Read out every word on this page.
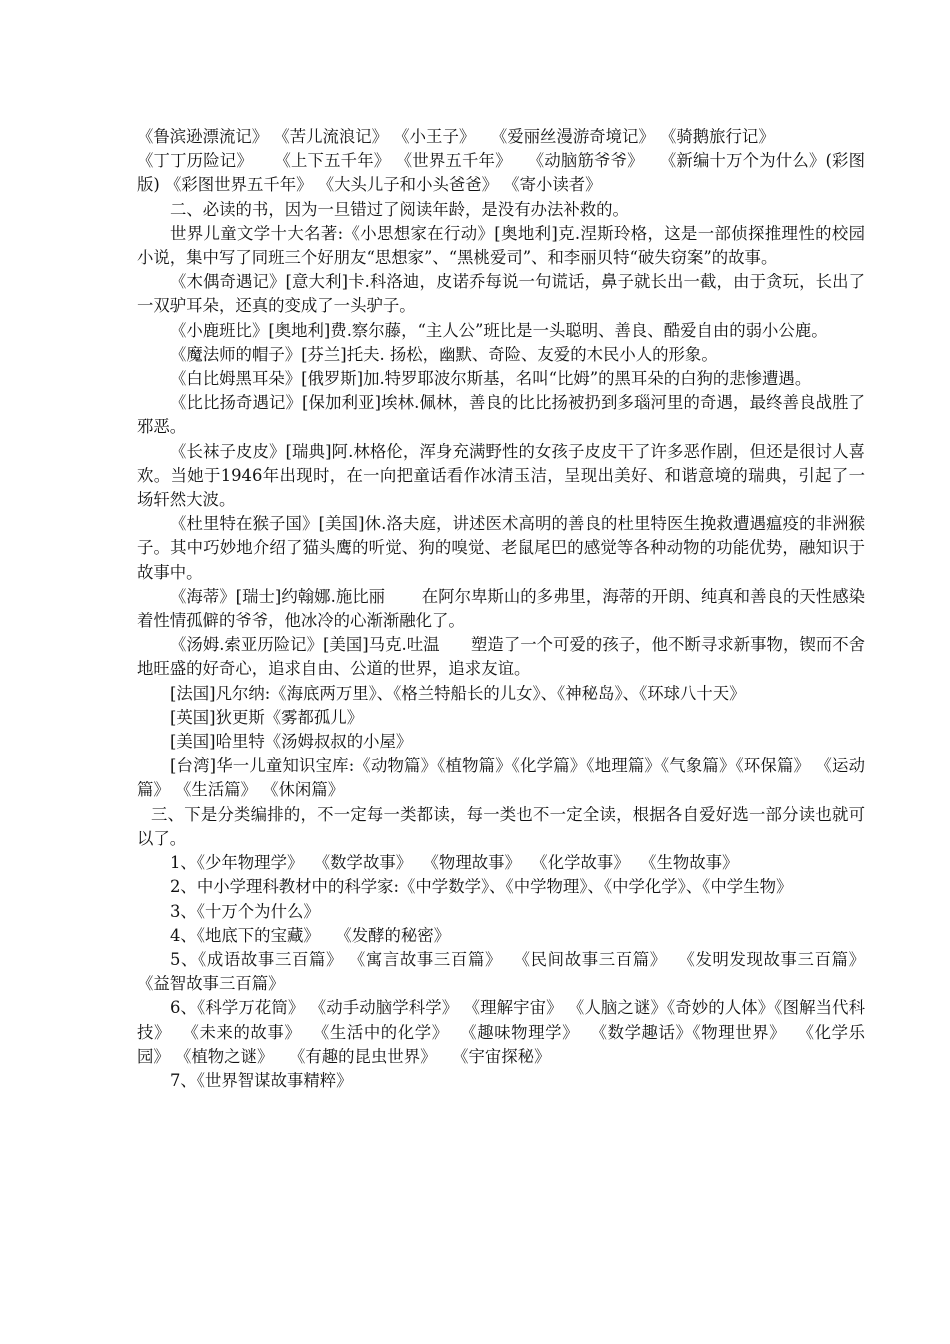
《鲁滨逊漂流记》 《苦儿流浪记》 《小王子》   《爱丽丝漫游奇境记》 《骑鹅旅行记》

《丁丁历险记》    《上下五千年》 《世界五千年》   《动脑筋爷爷》   《新编十万个为什么》(彩图版) 《彩图世界五千年》 《大头儿子和小头爸爸》 《寄小读者》

二、必读的书，因为一旦错过了阅读年龄，是没有办法补救的。

世界儿童文学十大名著:《小思想家在行动》[奥地利]克.涅斯玲格，这是一部侦探推理性的校园小说，集中写了同班三个好朋友“思想家”、“黑桃爱司”、和李丽贝特“破失窃案”的故事。

《木偶奇遇记》[意大利]卡.科洛迪，皮诺乔每说一句谎话，鼻子就长出一截，由于贪玩，长出了一双驴耳朵，还真的变成了一头驴子。

《小鹿班比》[奥地利]费.察尔藤，“主人公”班比是一头聪明、善良、酷爱自由的弱小公鹿。

《魔法师的帽子》[芬兰]托夫. 扬松，幽默、奇险、友爱的木民小人的形象。

《白比姆黑耳朵》[俄罗斯]加.特罗耶波尔斯基，名叫“比姆”的黑耳朵的白狗的悲惨遭遇。

《比比扬奇遇记》[保加利亚]埃林.佩林，善良的比比扬被扔到多瑙河里的奇遇，最终善良战胜了邪恶。

《长袜子皮皮》[瑞典]阿.林格伦，浑身充满野性的女孩子皮皮干了许多恶作剧，但还是很讨人喜欢。当她于1946年出现时，在一向把童话看作冰清玉洁，呈现出美好、和谐意境的瑞典，引起了一场轩然大波。

《杜里特在猴子国》[美国]休.洛夫庭，讲述医术高明的善良的杜里特医生挽救遭遇瘟疫的非洲猴子。其中巧妙地介绍了猫头鹰的听觉、狗的嗅觉、老鼠尾巴的感觉等各种动物的功能优势，融知识于故事中。

《海蒂》[瑞士]约翰娜.施比丽       在阿尔卑斯山的多弗里，海蒂的开朗、纯真和善良的天性感染着性情孤僻的爷爷，他冰冷的心渐渐融化了。

《汤姆.索亚历险记》[美国]马克.吐温      塑造了一个可爱的孩子，他不断寻求新事物，锲而不舍地旺盛的好奇心，追求自由、公道的世界，追求友谊。

[法国]凡尔纳:《海底两万里》、《格兰特船长的儿女》、《神秘岛》、《环球八十天》

[英国]狄更斯《雾都孤儿》

[美国]哈里特《汤姆叔叔的小屋》

[台湾]华一儿童知识宝库:《动物篇》《植物篇》《化学篇》《地理篇》《气象篇》《环保篇》 《运动篇》 《生活篇》 《休闲篇》

三、下是分类编排的，不一定每一类都读，每一类也不一定全读，根据各自爱好选一部分读也就可以了。

1、《少年物理学》  《数学故事》  《物理故事》  《化学故事》  《生物故事》

2、中小学理科教材中的科学家:《中学数学》、《中学物理》、《中学化学》、《中学生物》

3、《十万个为什么》

4、《地底下的宝藏》   《发酵的秘密》

5、《成语故事三百篇》 《寓言故事三百篇》  《民间故事三百篇》  《发明发现故事三百篇》   《益智故事三百篇》

6、《科学万花筒》 《动手动脑学科学》 《理解宇宙》 《人脑之谜》《奇妙的人体》《图解当代科技》  《未来的故事》  《生活中的化学》  《趣味物理学》  《数学趣话》《物理世界》  《化学乐园》 《植物之谜》   《有趣的昆虫世界》   《宇宙探秘》

7、《世界智谋故事精粹》
